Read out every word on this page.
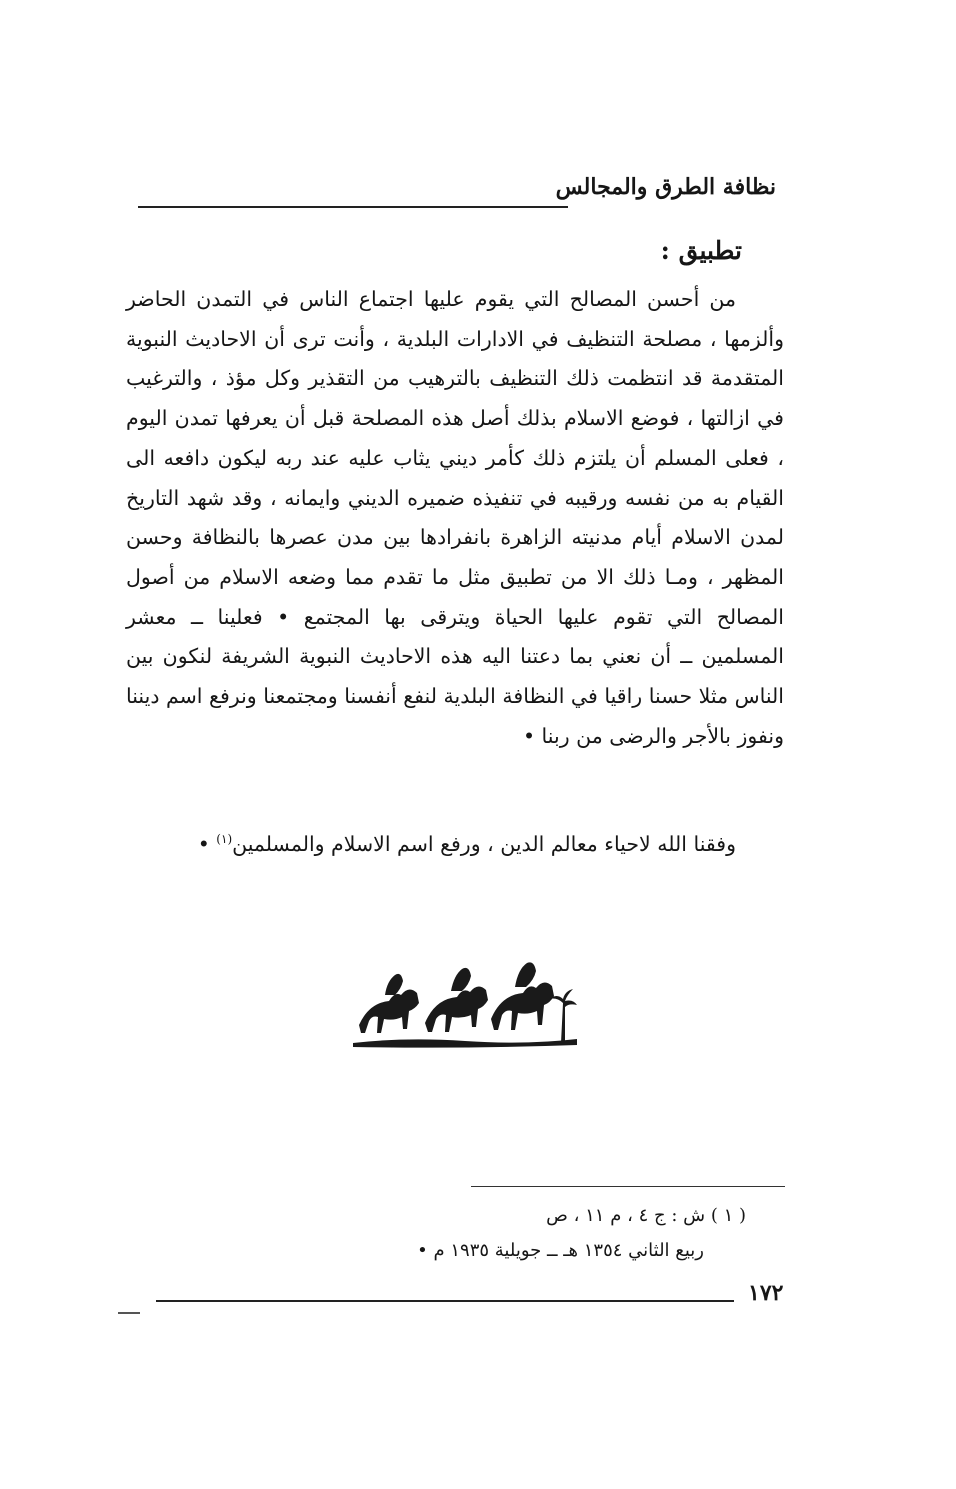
نظافة الطرق والمجالس
تطبيق :

من أحسن المصالح التي يقوم عليها اجتماع الناس في التمدن الحاضر وألزمها ، مصلحة التنظيف في الادارات البلدية ، وأنت ترى أن الاحاديث النبوية المتقدمة قد انتظمت ذلك التنظيف بالترهيب من التقذير وكل مؤذ ، والترغيب في ازالتها ، فوضع الاسلام بذلك أصل هذه المصلحة قبل أن يعرفها تمدن اليوم ، فعلى المسلم أن يلتزم ذلك كأمر ديني يثاب عليه عند ربه ليكون دافعه الى القيام به من نفسه ورقيبه في تنفيذه ضميره الديني وايمانه ، وقد شهد التاريخ لمدن الاسلام أيام مدنيته الزاهرة بانفرادها بين مدن عصرها بالنظافة وحسن المظهر ، ومـا ذلك الا من تطبيق مثل ما تقدم مما وضعه الاسلام من أصول المصالح التي تقوم عليها الحياة ويترقى بها المجتمع • فعلينا ــ معشر المسلمين ــ أن نعني بما دعتنا اليه هذه الاحاديث النبوية الشريفة لنكون بين الناس مثلا حسنا راقيا في النظافة البلدية لنفع أنفسنا ومجتمعنا ونرفع اسم ديننا ونفوز بالأجر والرضى من ربنا •

وفقنا الله لاحياء معالم الدين ، ورفع اسم الاسلام والمسلمين$^{(١)}$ •

( ١ ) ش : ج ٤ ، م ١١ ، ص

ربيع الثاني ١٣٥٤ هـ ــ جويلية ١٩٣٥ م •

١٧٢
